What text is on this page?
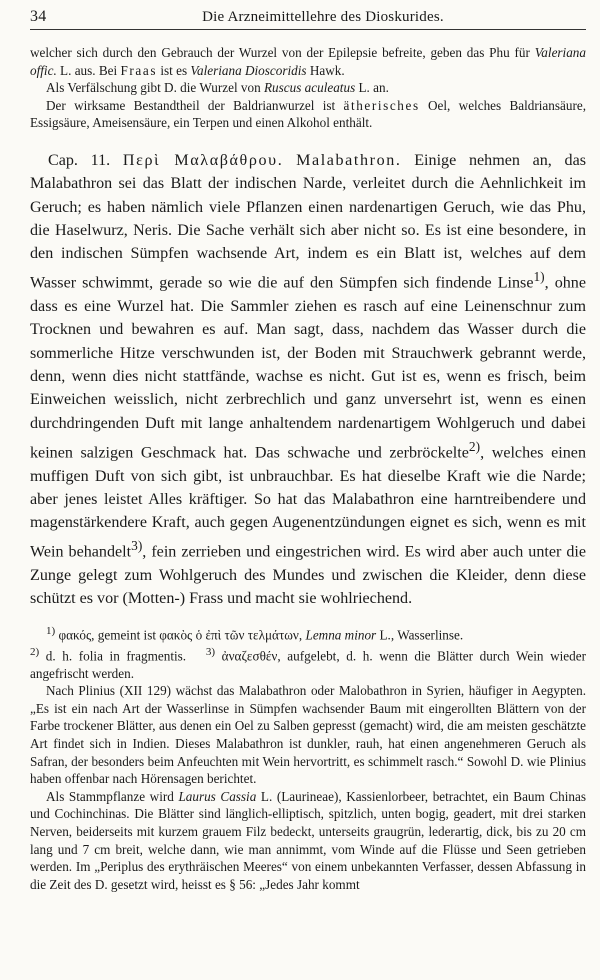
34	Die Arzneimittellehre des Dioskurides.

welcher sich durch den Gebrauch der Wurzel von der Epilepsie befreite, geben das Phu für Valeriana offic. L. aus. Bei Fraas ist es Valeriana Dioscoridis Hawk.

Als Verfälschung gibt D. die Wurzel von Ruscus aculeatus L. an.

Der wirksame Bestandtheil der Baldrianwurzel ist ätherisches Oel, welches Baldriansäure, Essigsäure, Ameisensäure, ein Terpen und einen Alkohol enthält.

Cap. 11. Περὶ Μαλαβάθρου. Malabathron. Einige nehmen an, das Malabathron sei das Blatt der indischen Narde, verleitet durch die Aehnlichkeit im Geruch; es haben nämlich viele Pflanzen einen nardenartigen Geruch, wie das Phu, die Haselwurz, Neris. Die Sache verhält sich aber nicht so. Es ist eine besondere, in den indischen Sümpfen wachsende Art, indem es ein Blatt ist, welches auf dem Wasser schwimmt, gerade so wie die auf den Sümpfen sich findende Linse$^{1)}$, ohne dass es eine Wurzel hat. Die Sammler ziehen es rasch auf eine Leinenschnur zum Trocknen und bewahren es auf. Man sagt, dass, nachdem das Wasser durch die sommerliche Hitze verschwunden ist, der Boden mit Strauchwerk gebrannt werde, denn, wenn dies nicht stattfände, wachse es nicht. Gut ist es, wenn es frisch, beim Einweichen weisslich, nicht zerbrechlich und ganz unversehrt ist, wenn es einen durchdringenden Duft mit lange anhaltendem nardenartigem Wohlgeruch und dabei keinen salzigen Geschmack hat. Das schwache und zerbröckelte$^{2)}$, welches einen muffigen Duft von sich gibt, ist unbrauchbar. Es hat dieselbe Kraft wie die Narde; aber jenes leistet Alles kräftiger. So hat das Malabathron eine harntreibendere und magenstärkendere Kraft, auch gegen Augenentzündungen eignet es sich, wenn es mit Wein behandelt$^{3)}$, fein zerrieben und eingestrichen wird. Es wird aber auch unter die Zunge gelegt zum Wohlgeruch des Mundes und zwischen die Kleider, denn diese schützt es vor (Motten-) Frass und macht sie wohlriechend.

$^{1)}$ φακός, gemeint ist φακὸς ὁ ἐπὶ τῶν τελμάτων, Lemna minor L., Wasserlinse.

$^{2)}$ d. h. folia in fragmentis. $^{3)}$ ἀναζεσθέν, aufgelebt, d. h. wenn die Blätter durch Wein wieder angefrischt werden.

Nach Plinius (XII 129) wächst das Malabathron oder Malobathron in Syrien, häufiger in Aegypten. „Es ist ein nach Art der Wasserlinse in Sümpfen wachsender Baum mit eingerollten Blättern von der Farbe trockener Blätter, aus denen ein Oel zu Salben gepresst (gemacht) wird, die am meisten geschätzte Art findet sich in Indien. Dieses Malabathron ist dunkler, rauh, hat einen angenehmeren Geruch als Safran, der besonders beim Anfeuchten mit Wein hervortritt, es schimmelt rasch.“ Sowohl D. wie Plinius haben offenbar nach Hörensagen berichtet.

Als Stammpflanze wird Laurus Cassia L. (Laurineae), Kassienlorbeer, betrachtet, ein Baum Chinas und Cochinchinas. Die Blätter sind länglich-elliptisch, spitzlich, unten bogig, geadert, mit drei starken Nerven, beiderseits mit kurzem grauem Filz bedeckt, unterseits graugrün, lederartig, dick, bis zu 20 cm lang und 7 cm breit, welche dann, wie man annimmt, vom Winde auf die Flüsse und Seen getrieben werden. Im „Periplus des erythräischen Meeres“ von einem unbekannten Verfasser, dessen Abfassung in die Zeit des D. gesetzt wird, heisst es § 56: „Jedes Jahr kommt
